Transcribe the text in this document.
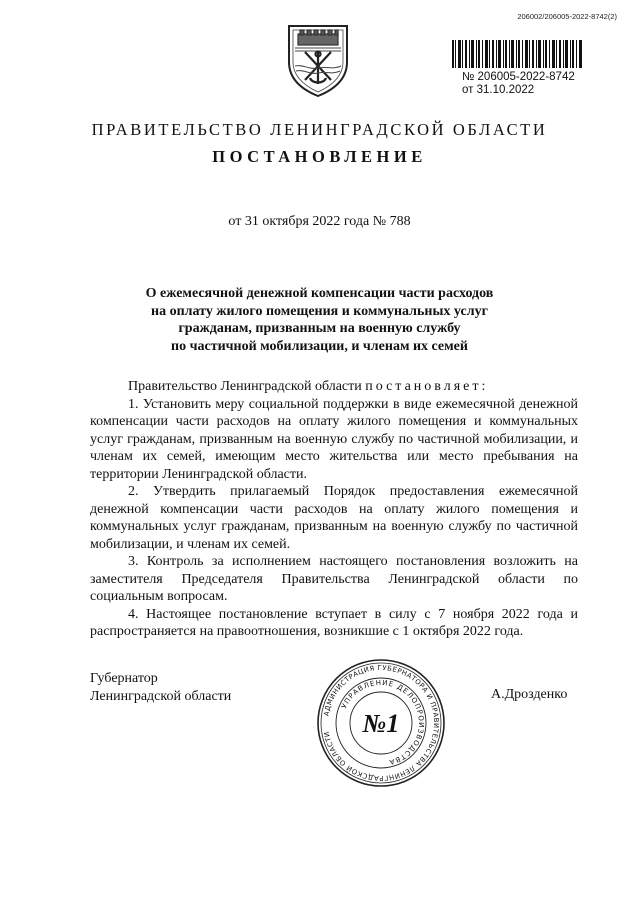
206002/206005-2022-8742(2)
№ 206005-2022-8742
от 31.10.2022
ПРАВИТЕЛЬСТВО ЛЕНИНГРАДСКОЙ ОБЛАСТИ
ПОСТАНОВЛЕНИЕ
от 31 октября 2022 года № 788
О ежемесячной денежной компенсации части расходов
на оплату жилого помещения и коммунальных услуг
гражданам, призванным на военную службу
по частичной мобилизации, и членам их семей

Правительство Ленинградской области постановляет:

1. Установить меру социальной поддержки в виде ежемесячной денежной компенсации части расходов на оплату жилого помещения и коммунальных услуг гражданам, призванным на военную службу по частичной мобилизации, и членам их семей, имеющим место жительства или место пребывания на территории Ленинградской области.

2. Утвердить прилагаемый Порядок предоставления ежемесячной денежной компенсации части расходов на оплату жилого помещения и коммунальных услуг гражданам, призванным на военную службу по частичной мобилизации, и членам их семей.

3. Контроль за исполнением настоящего постановления возложить на заместителя Председателя Правительства Ленинградской области по социальным вопросам.

4. Настоящее постановление вступает в силу с 7 ноября 2022 года и распространяется на правоотношения, возникшие с 1 октября 2022 года.

Губернатор
Ленинградской области
АДМИНИСТРАЦИЯ ГУБЕРНАТОРА И ПРАВИТЕЛЬСТВА ЛЕНИНГРАДСКОЙ ОБЛАСТИ
УПРАВЛЕНИЕ ДЕЛОПРОИЗВОДСТВА
№1
А.Дрозденко
